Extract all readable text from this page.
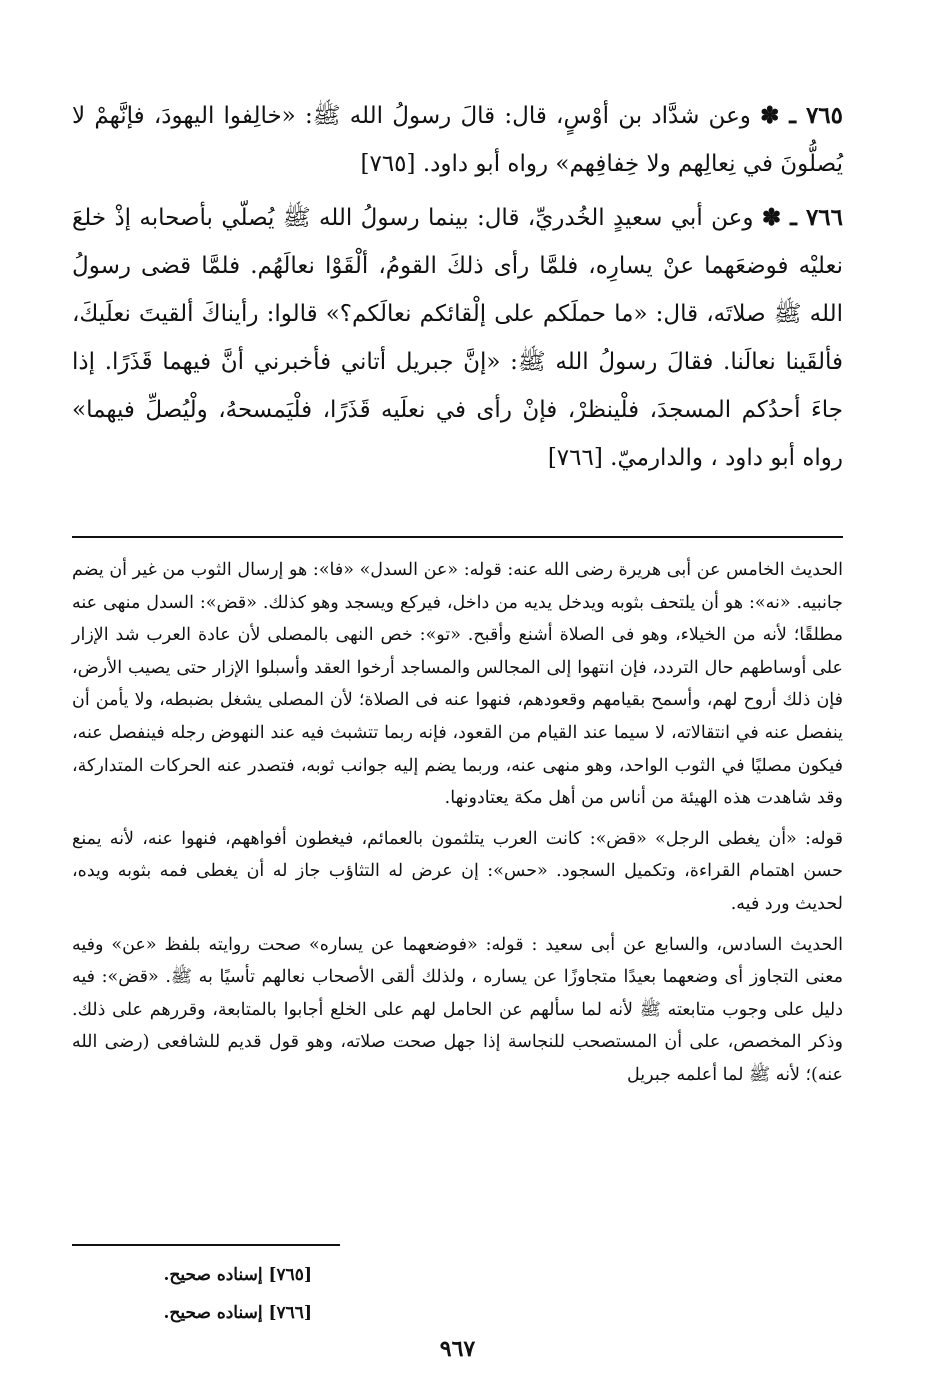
٧٦٥ ـ ✽ وعن شدَّاد بن أوْسٍ، قال: قالَ رسولُ الله ﷺ: «خالِفوا اليهودَ، فإنَّهمْ لا يُصلُّونَ في نِعالِهم ولا خِفافِهم» رواه أبو داود. [٧٦٥]

٧٦٦ ـ ✽ وعن أبي سعيدٍ الخُدريِّ، قال: بينما رسولُ الله ﷺ يُصلّي بأصحابه إذْ خلعَ نعليْه فوضعَهما عنْ يسارِه، فلمَّا رأى ذلكَ القومُ، ألْقَوْا نعالَهُم. فلمَّا قضى رسولُ الله ﷺ صلاتَه، قال: «ما حملَكم على إلْقائكم نعالَكم؟» قالوا: رأيناكَ ألقيتَ نعلَيكَ، فألقَينا نعالَنا. فقالَ رسولُ الله ﷺ: «إنَّ جبريل أتاني فأخبرني أنَّ فيهما قَذَرًا. إذا جاءَ أحدُكم المسجدَ، فلْينظرْ، فإنْ رأى في نعلَيه قَذَرًا، فلْيَمسحهُ، ولْيُصلِّ فيهما» رواه أبو داود ، والدارميّ. [٧٦٦]

الحديث الخامس عن أبى هريرة رضى الله عنه: قوله: «عن السدل» «فا»: هو إرسال الثوب من غير أن يضم جانبيه. «نه»: هو أن يلتحف بثوبه ويدخل يديه من داخل، فيركع ويسجد وهو كذلك. «قض»: السدل منهى عنه مطلقًا؛ لأنه من الخيلاء، وهو فى الصلاة أشنع وأقبح. «تو»: خص النهى بالمصلى لأن عادة العرب شد الإزار على أوساطهم حال التردد، فإن انتهوا إلى المجالس والمساجد أرخوا العقد وأسبلوا الإزار حتى يصيب الأرض، فإن ذلك أروح لهم، وأسمح بقيامهم وقعودهم، فنهوا عنه فى الصلاة؛ لأن المصلى يشغل بضبطه، ولا يأمن أن ينفصل عنه في انتقالاته، لا سيما عند القيام من القعود، فإنه ربما تتشبث فيه عند النهوض رجله فينفصل عنه، فيكون مصليًا في الثوب الواحد، وهو منهى عنه، وربما يضم إليه جوانب ثوبه، فتصدر عنه الحركات المتداركة، وقد شاهدت هذه الهيئة من أناس من أهل مكة يعتادونها.

قوله: «أن يغطى الرجل» «قض»: كانت العرب يتلثمون بالعمائم، فيغطون أفواههم، فنهوا عنه، لأنه يمنع حسن اهتمام القراءة، وتكميل السجود. «حس»: إن عرض له التثاؤب جاز له أن يغطى فمه بثوبه ويده، لحديث ورد فيه.

الحديث السادس، والسابع عن أبى سعيد : قوله: «فوضعهما عن يساره» صحت روايته بلفظ «عن» وفيه معنى التجاوز أى وضعهما بعيدًا متجاوزًا عن يساره ، ولذلك ألقى الأصحاب نعالهم تأسيًا به ﷺ. «قض»: فيه دليل على وجوب متابعته ﷺ لأنه لما سألهم عن الحامل لهم على الخلع أجابوا بالمتابعة، وقررهم على ذلك. وذكر المخصص، على أن المستصحب للنجاسة إذا جهل صحت صلاته، وهو قول قديم للشافعى (رضى الله عنه)؛ لأنه ﷺ لما أعلمه جبريل

[٧٦٥] إسناده صحيح.

[٧٦٦] إسناده صحيح.

٩٦٧
